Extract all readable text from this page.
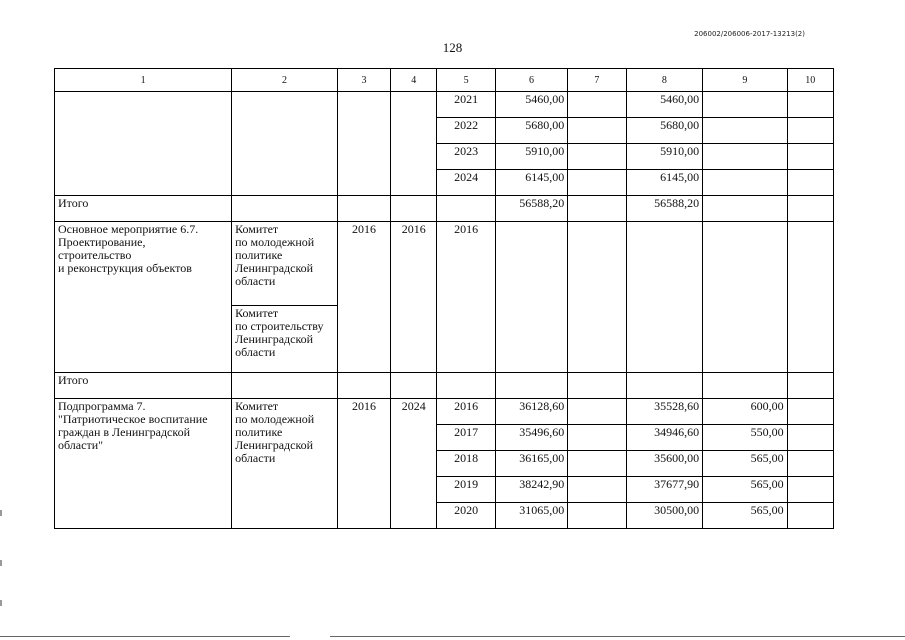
206002/206006-2017-13213(2)
128
1	2	3	4	5	6	7	8	9	10
				2021	5460,00		5460,00		
				2022	5680,00		5680,00		
				2023	5910,00		5910,00		
				2024	6145,00		6145,00		
Итого					56588,20		56588,20		
Основное мероприятие 6.7.
Проектирование,
строительство
и реконструкция объектов	Комитет
по молодежной
политике
Ленинградской
области	2016	2016	2016					
	Комитет
по строительству
Ленинградской
области								
Итого									
Подпрограмма 7.
"Патриотическое воспитание
граждан в Ленинградской
области"	Комитет
по молодежной
политике
Ленинградской
области	2016	2024	2016	36128,60		35528,60	600,00	
				2017	35496,60		34946,60	550,00	
				2018	36165,00		35600,00	565,00	
				2019	38242,90		37677,90	565,00	
				2020	31065,00		30500,00	565,00	
